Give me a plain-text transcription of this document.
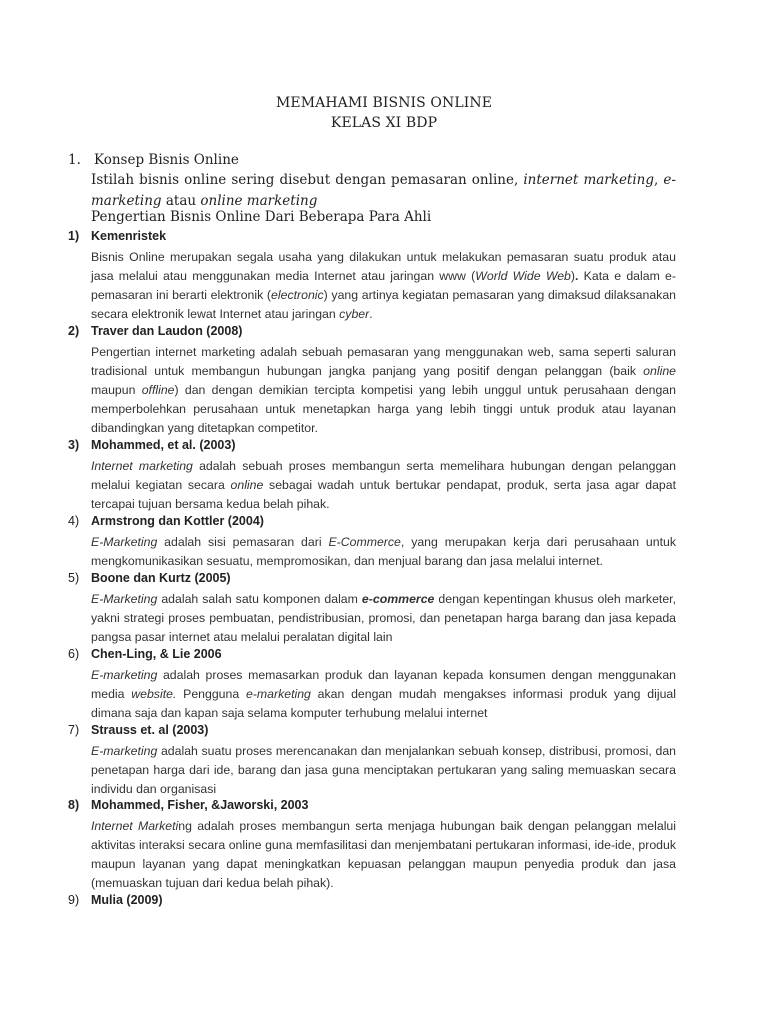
MEMAHAMI BISNIS ONLINE
KELAS XI BDP
1. Konsep Bisnis Online
Istilah bisnis online sering disebut dengan pemasaran online, internet marketing, e-marketing atau online marketing
Pengertian Bisnis Online Dari Beberapa Para Ahli
1) Kemenristek
Bisnis Online merupakan segala usaha yang dilakukan untuk melakukan pemasaran suatu produk atau jasa melalui atau menggunakan media Internet atau jaringan www (World Wide Web). Kata e dalam e-pemasaran ini berarti elektronik (electronic) yang artinya kegiatan pemasaran yang dimaksud dilaksanakan secara elektronik lewat Internet atau jaringan cyber.
2) Traver dan Laudon (2008)
Pengertian internet marketing adalah sebuah pemasaran yang menggunakan web, sama seperti saluran tradisional untuk membangun hubungan jangka panjang yang positif dengan pelanggan (baik online maupun offline) dan dengan demikian tercipta kompetisi yang lebih unggul untuk perusahaan dengan memperbolehkan perusahaan untuk menetapkan harga yang lebih tinggi untuk produk atau layanan dibandingkan yang ditetapkan competitor.
3) Mohammed, et al. (2003)
Internet marketing adalah sebuah proses membangun serta memelihara hubungan dengan pelanggan melalui kegiatan secara online sebagai wadah untuk bertukar pendapat, produk, serta jasa agar dapat tercapai tujuan bersama kedua belah pihak.
4) Armstrong dan Kottler (2004)
E-Marketing adalah sisi pemasaran dari E-Commerce, yang merupakan kerja dari perusahaan untuk mengkomunikasikan sesuatu, mempromosikan, dan menjual barang dan jasa melalui internet.
5) Boone dan Kurtz (2005)
E-Marketing adalah salah satu komponen dalam e-commerce dengan kepentingan khusus oleh marketer, yakni strategi proses pembuatan, pendistribusian, promosi, dan penetapan harga barang dan jasa kepada pangsa pasar internet atau melalui peralatan digital lain
6) Chen-Ling, & Lie 2006
E-marketing adalah proses memasarkan produk dan layanan kepada konsumen dengan menggunakan media website. Pengguna e-marketing akan dengan mudah mengakses informasi produk yang dijual dimana saja dan kapan saja selama komputer terhubung melalui internet
7) Strauss et. al (2003)
E-marketing adalah suatu proses merencanakan dan menjalankan sebuah konsep, distribusi, promosi, dan penetapan harga dari ide, barang dan jasa guna menciptakan pertukaran yang saling memuaskan secara individu dan organisasi
8) Mohammed, Fisher, &Jaworski, 2003
Internet Marketing adalah proses membangun serta menjaga hubungan baik dengan pelanggan melalui aktivitas interaksi secara online guna memfasilitasi dan menjembatani pertukaran informasi, ide-ide, produk maupun layanan yang dapat meningkatkan kepuasan pelanggan maupun penyedia produk dan jasa (memuaskan tujuan dari kedua belah pihak).
9) Mulia (2009)
